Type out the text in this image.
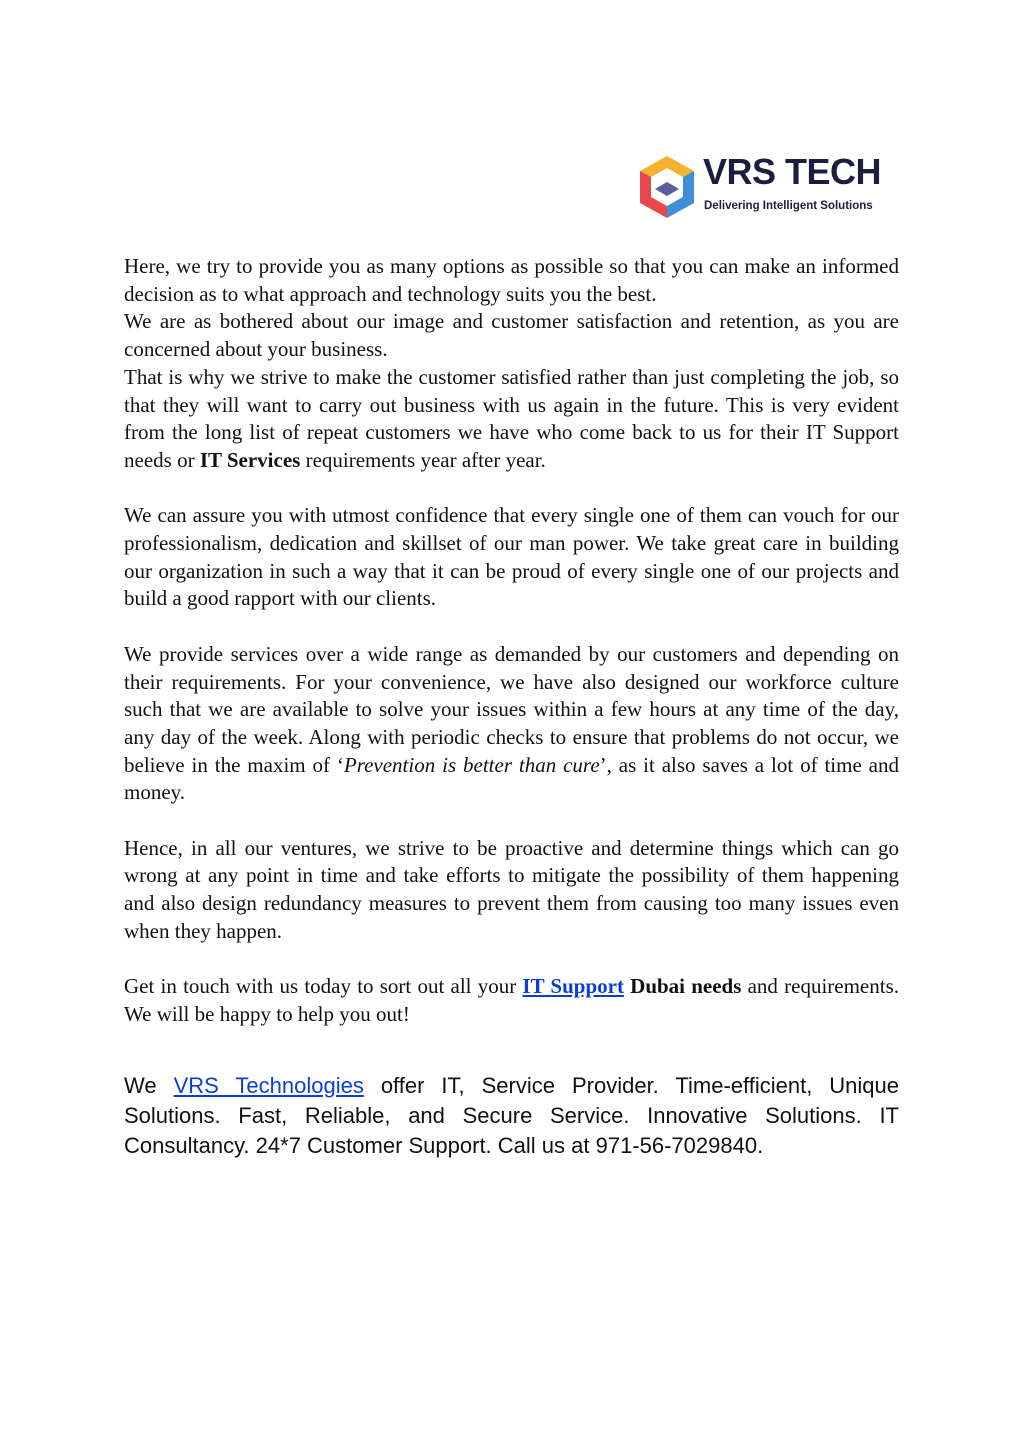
VRS TECH
Delivering Intelligent Solutions

Here, we try to provide you as many options as possible so that you can make an informed decision as to what approach and technology suits you the best.

We are as bothered about our image and customer satisfaction and retention, as you are concerned about your business.

That is why we strive to make the customer satisfied rather than just completing the job, so that they will want to carry out business with us again in the future. This is very evident from the long list of repeat customers we have who come back to us for their IT Support needs or IT Services requirements year after year.

We can assure you with utmost confidence that every single one of them can vouch for our professionalism, dedication and skillset of our man power. We take great care in building our organization in such a way that it can be proud of every single one of our projects and build a good rapport with our clients.

We provide services over a wide range as demanded by our customers and depending on their requirements. For your convenience, we have also designed our workforce culture such that we are available to solve your issues within a few hours at any time of the day, any day of the week. Along with periodic checks to ensure that problems do not occur, we believe in the maxim of ‘Prevention is better than cure’, as it also saves a lot of time and money.

Hence, in all our ventures, we strive to be proactive and determine things which can go wrong at any point in time and take efforts to mitigate the possibility of them happening and also design redundancy measures to prevent them from causing too many issues even when they happen.

Get in touch with us today to sort out all your IT Support Dubai needs and requirements. We will be happy to help you out!

We VRS Technologies offer IT, Service Provider. Time-efficient, Unique Solutions. Fast, Reliable, and Secure Service. Innovative Solutions. IT Consultancy. 24*7 Customer Support. Call us at 971-56-7029840.
